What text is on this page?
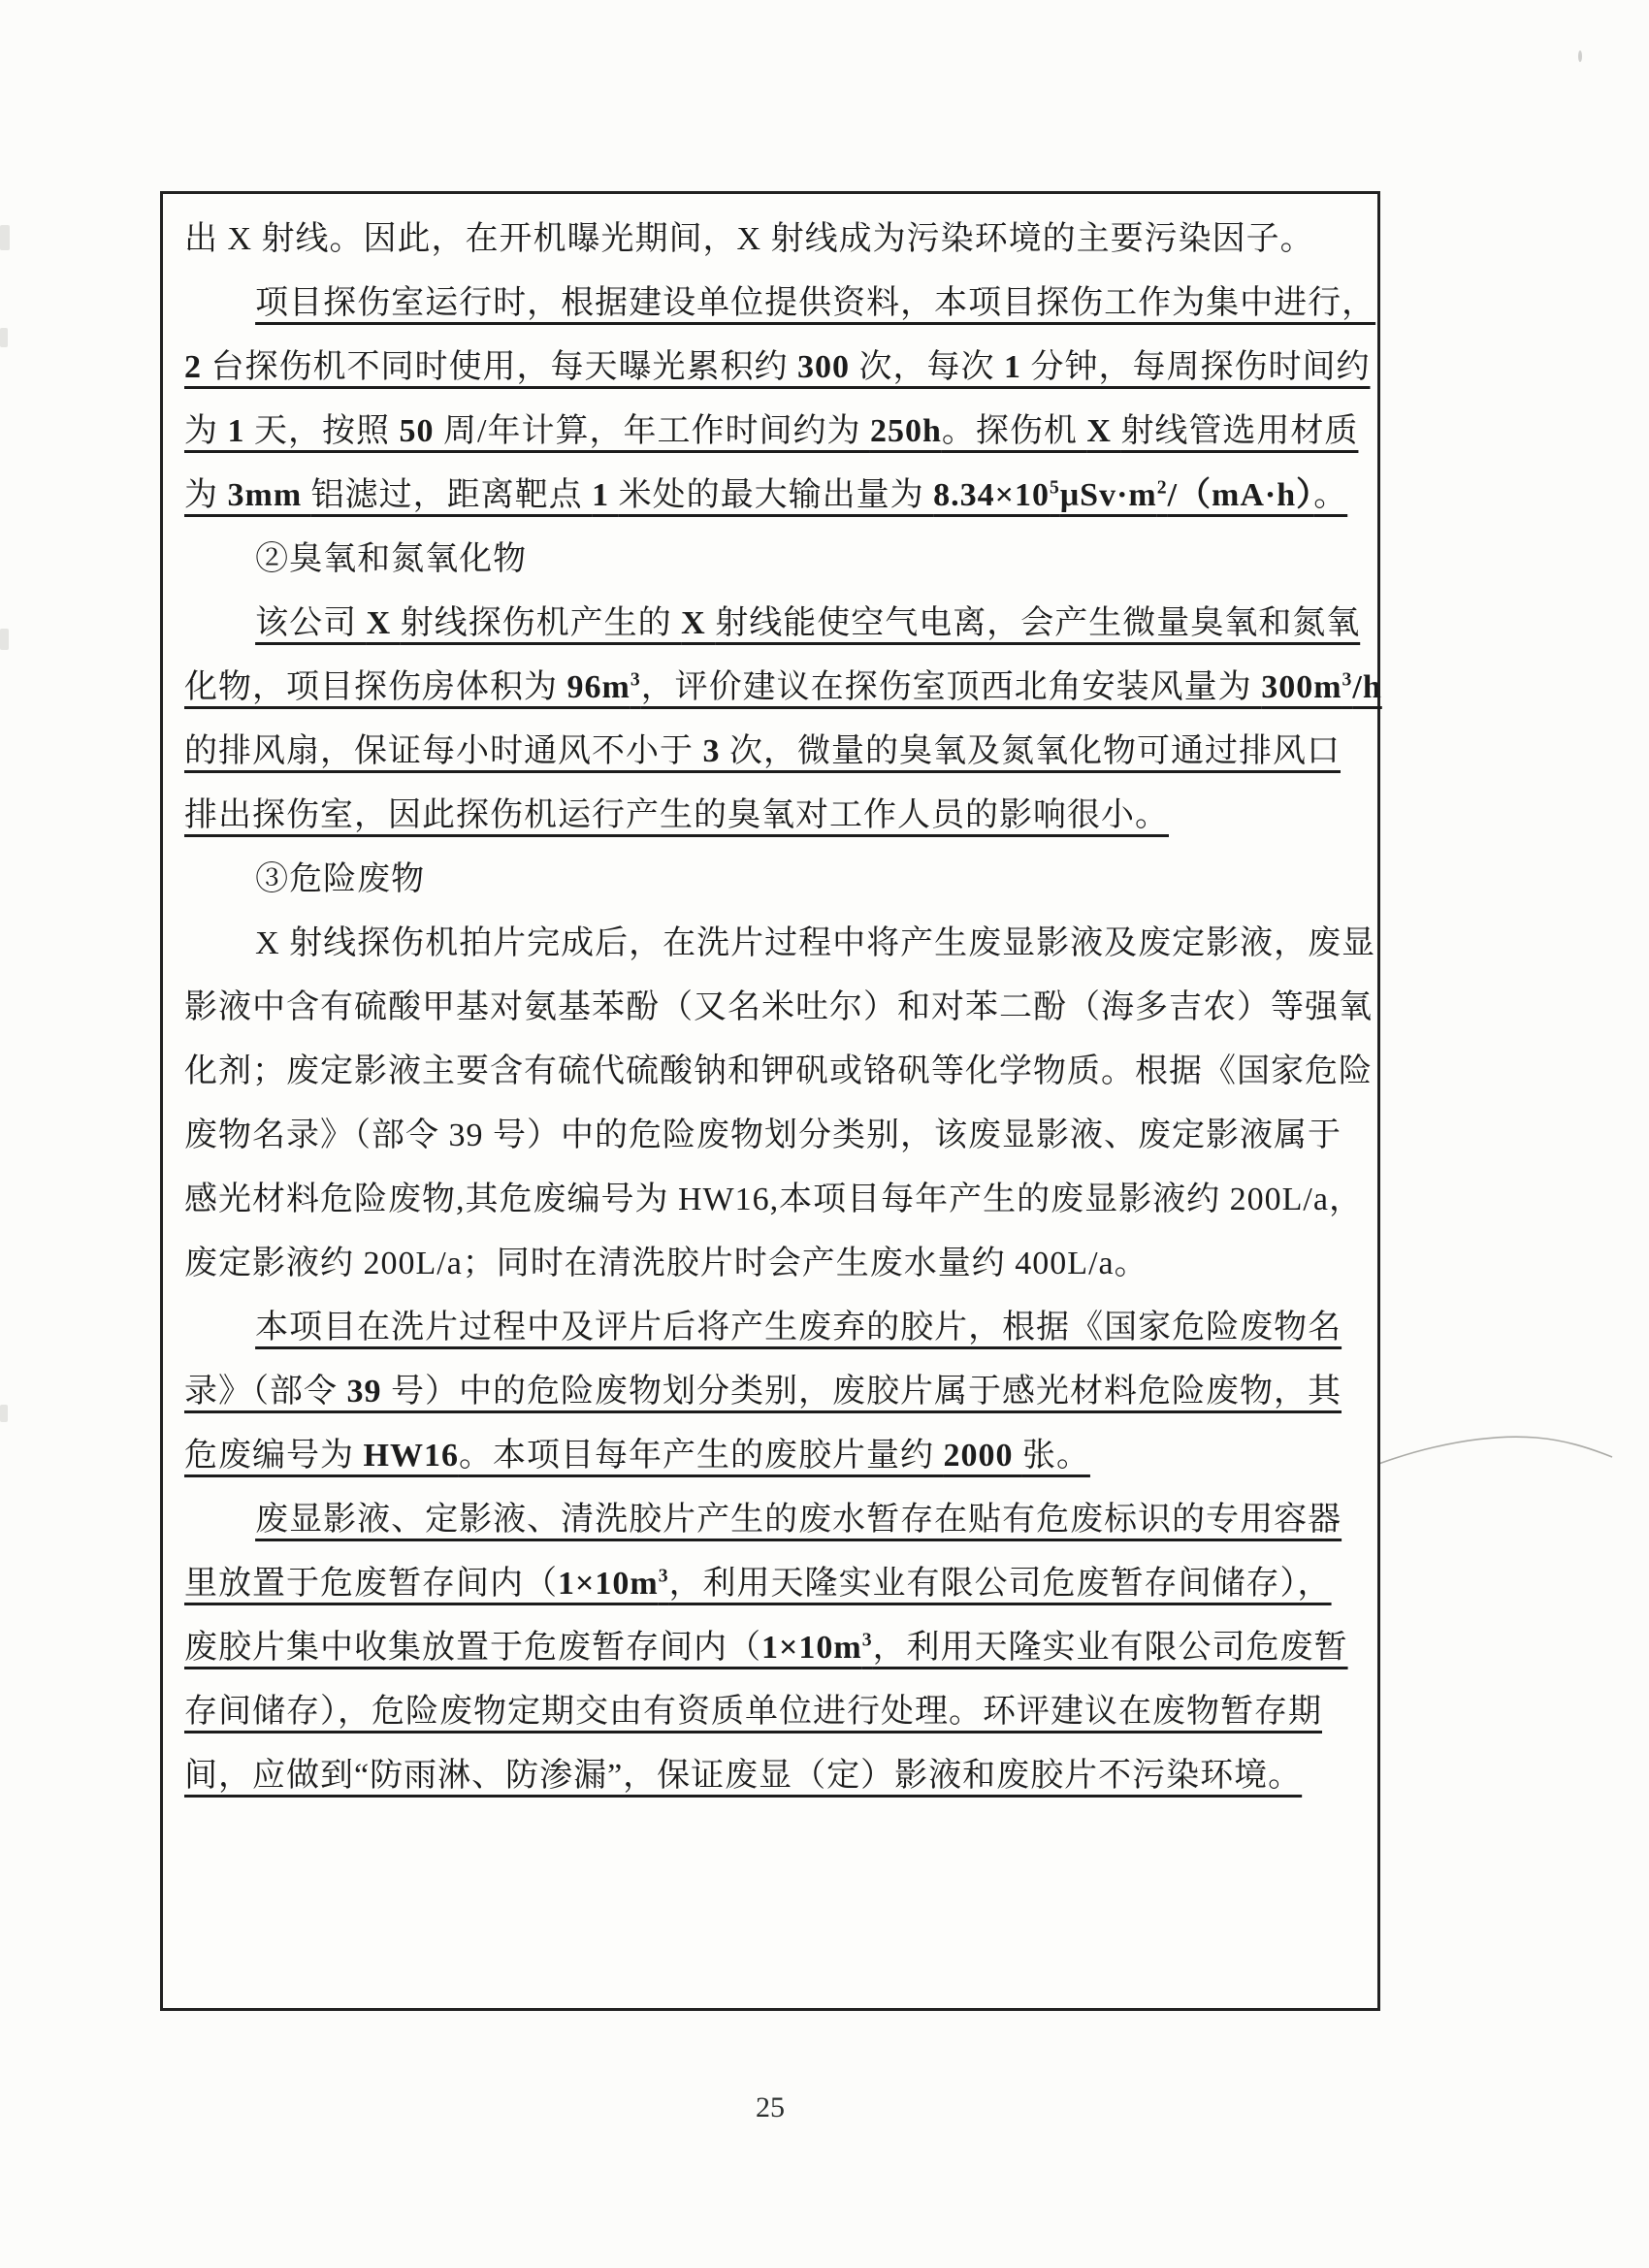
出 X 射线。因此，在开机曝光期间，X 射线成为污染环境的主要污染因子。
项目探伤室运行时，根据建设单位提供资料，本项目探伤工作为集中进行，
2 台探伤机不同时使用，每天曝光累积约 300 次，每次 1 分钟，每周探伤时间约
为 1 天，按照 50 周/年计算，年工作时间约为 250h。探伤机 X 射线管选用材质
为 3mm 铝滤过，距离靶点 1 米处的最大输出量为 $8.34\times 10^5\mu Sv\cdot m^2/(mA\cdot h)$。
②臭氧和氮氧化物
该公司 X 射线探伤机产生的 X 射线能使空气电离，会产生微量臭氧和氮氧
化物，项目探伤房体积为 $96m^3$，评价建议在探伤室顶西北角安装风量为 $300m^3/h$
的排风扇，保证每小时通风不小于 3 次，微量的臭氧及氮氧化物可通过排风口
排出探伤室，因此探伤机运行产生的臭氧对工作人员的影响很小。
③危险废物
X 射线探伤机拍片完成后，在洗片过程中将产生废显影液及废定影液，废显
影液中含有硫酸甲基对氨基苯酚（又名米吐尔）和对苯二酚（海多吉农）等强氧
化剂；废定影液主要含有硫代硫酸钠和钾矾或铬矾等化学物质。根据《国家危险
废物名录》（部令 39 号）中的危险废物划分类别，该废显影液、废定影液属于
感光材料危险废物,其危废编号为 HW16,本项目每年产生的废显影液约 200L/a，
废定影液约 200L/a；同时在清洗胶片时会产生废水量约 400L/a。
本项目在洗片过程中及评片后将产生废弃的胶片，根据《国家危险废物名
录》（部令 39 号）中的危险废物划分类别，废胶片属于感光材料危险废物，其
危废编号为 HW16。本项目每年产生的废胶片量约 2000 张。
废显影液、定影液、清洗胶片产生的废水暂存在贴有危废标识的专用容器
里放置于危废暂存间内（$1\times 10m^3$，利用天隆实业有限公司危废暂存间储存），
废胶片集中收集放置于危废暂存间内（$1\times 10m^3$，利用天隆实业有限公司危废暂
存间储存），危险废物定期交由有资质单位进行处理。环评建议在废物暂存期
间，应做到“防雨淋、防渗漏”，保证废显（定）影液和废胶片不污染环境。
25
